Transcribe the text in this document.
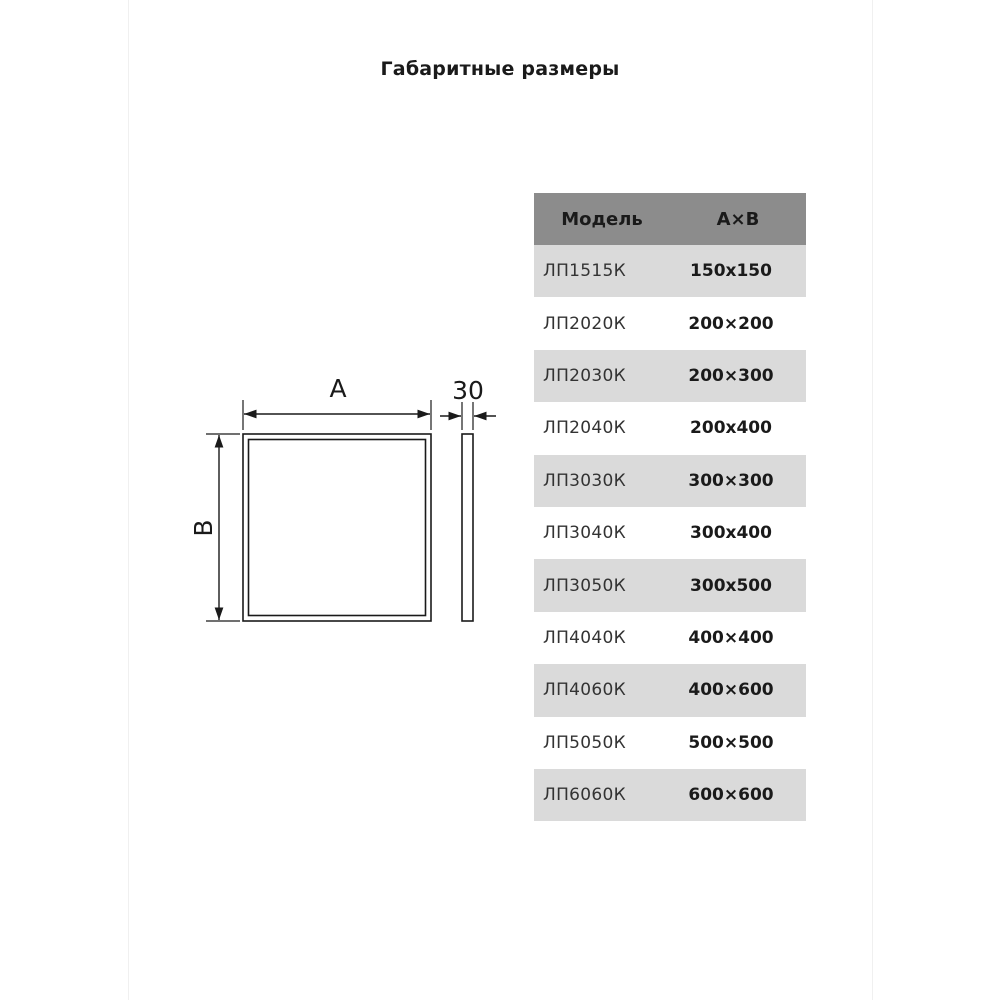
Габаритные размеры
A
B
30
Модель	A×B
ЛП1515К	150x150
ЛП2020К	200×200
ЛП2030К	200×300
ЛП2040К	200x400
ЛП3030К	300×300
ЛП3040К	300x400
ЛП3050К	300x500
ЛП4040К	400×400
ЛП4060К	400×600
ЛП5050К	500×500
ЛП6060К	600×600
